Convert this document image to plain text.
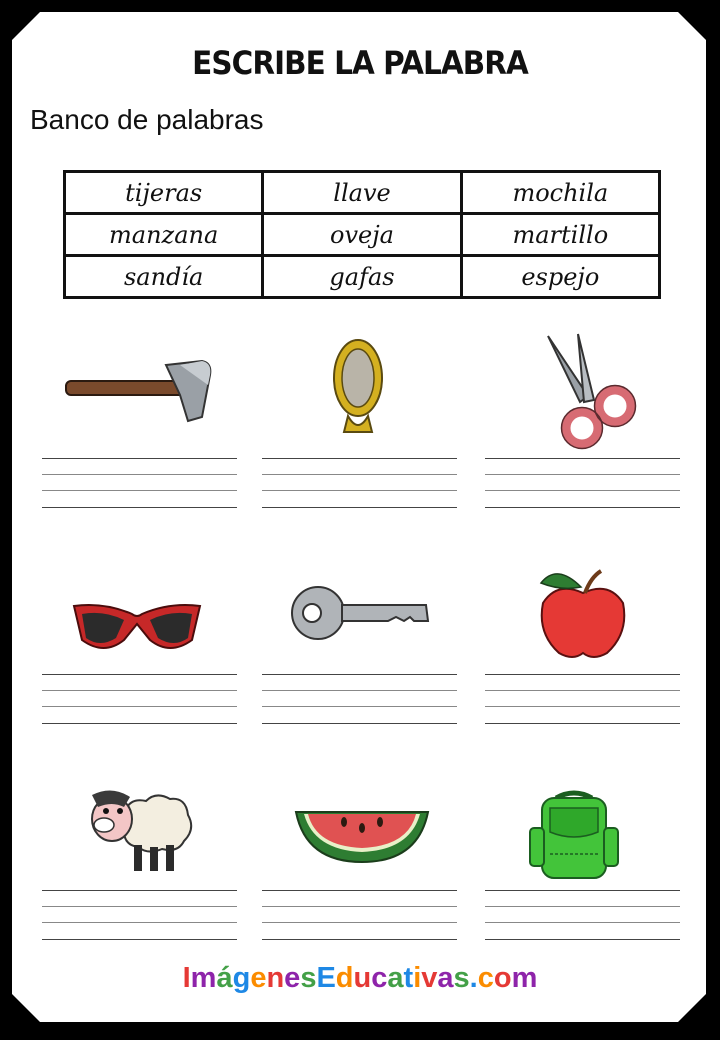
ESCRIBE LA PALABRA
Banco de palabras
tijeras	llave	mochila
manzana	oveja	martillo
sandía	gafas	espejo
ImágenesEducativas.com
